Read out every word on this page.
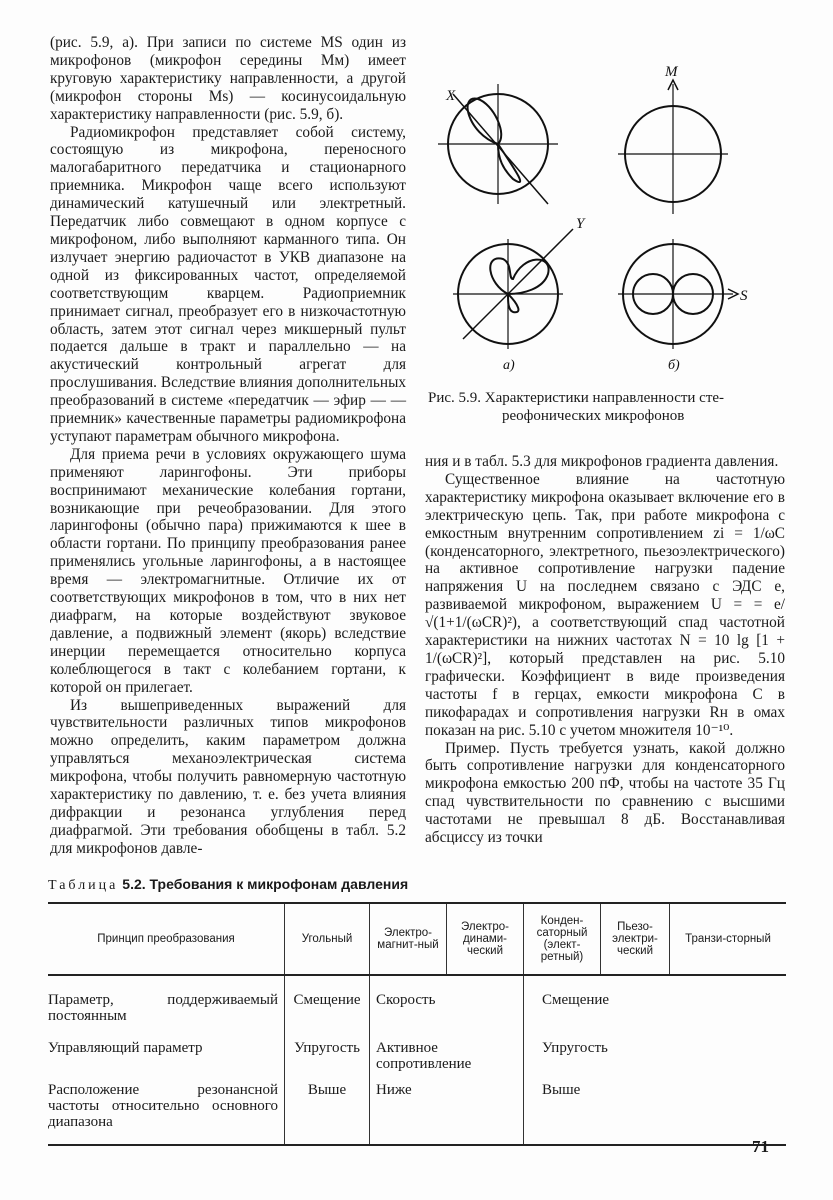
(рис. 5.9, а). При записи по системе MS один из микрофонов (микрофон середины Mм) имеет круговую характеристику направленности, а другой (микрофон стороны Ms) — косинусоидальную характеристику направленности (рис. 5.9, б).

Радиомикрофон представляет собой систему, состоящую из микрофона, переносного малогабаритного передатчика и стационарного приемника. Микрофон чаще всего используют динамический катушечный или электретный. Передатчик либо совмещают в одном корпусе с микрофоном, либо выполняют карманного типа. Он излучает энергию радиочастот в УКВ диапазоне на одной из фиксированных частот, определяемой соответствующим кварцем. Радиоприемник принимает сигнал, преобразует его в низкочастотную область, затем этот сигнал через микшерный пульт подается дальше в тракт и параллельно — на акустический контрольный агрегат для прослушивания. Вследствие влияния дополнительных преобразований в системе «передатчик — эфир — — приемник» качественные параметры радиомикрофона уступают параметрам обычного микрофона.

Для приема речи в условиях окружающего шума применяют ларингофоны. Эти приборы воспринимают механические колебания гортани, возникающие при речеобразовании. Для этого ларингофоны (обычно пара) прижимаются к шее в области гортани. По принципу преобразования ранее применялись угольные ларингофоны, а в настоящее время — электромагнитные. Отличие их от соответствующих микрофонов в том, что в них нет диафрагм, на которые воздействуют звуковое давление, а подвижный элемент (якорь) вследствие инерции перемещается относительно корпуса колеблющегося в такт с колебанием гортани, к которой он прилегает.

Из вышеприведенных выражений для чувствительности различных типов микрофонов можно определить, каким параметром должна управляться механоэлектрическая система микрофона, чтобы получить равномерную частотную характеристику по давлению, т. е. без учета влияния дифракции и резонанса углубления перед диафрагмой. Эти требования обобщены в табл. 5.2 для микрофонов давле-

X
M
Y
S
а)	б)
Рис. 5.9. Характеристики направленности сте-
реофонических микрофонов

ния и в табл. 5.3 для микрофонов градиента давления.

Существенное влияние на частотную характеристику микрофона оказывает включение его в электрическую цепь. Так, при работе микрофона с емкостным внутренним сопротивлением zi = 1/ωC (конденсаторного, электретного, пьезоэлектрического) на активное сопротивление нагрузки падение напряжения U на последнем связано с ЭДС e, развиваемой микрофоном, выражением U = = e/√(1+1/(ωCR)²), а соответствующий спад частотной характеристики на нижних частотах N = 10 lg [1 + 1/(ωCR)²], который представлен на рис. 5.10 графически. Коэффициент в виде произведения частоты f в герцах, емкости микрофона C в пикофарадах и сопротивления нагрузки Rн в омах показан на рис. 5.10 с учетом множителя 10⁻¹⁰.

Пример. Пусть требуется узнать, какой должно быть сопротивление нагрузки для конденсаторного микрофона емкостью 200 пФ, чтобы на частоте 35 Гц спад чувствительности по сравнению с высшими частотами не превышал 8 дБ. Восстанавливая абсциссу из точки

Таблица 5.2. Требования к микрофонам давления
Принцип преобразования	Угольный	Электро-магнит-ный	Электро-динами-ческий	Конден-саторный (элект-ретный)	Пьезо-электри-ческий	Транзи-сторный
Параметр, поддерживаемый постоянным	Смещение	Скорость		Смещение		
Управляющий параметр	Упругость	Активное сопротивление		Упругость		
Расположение резонансной частоты относительно основного диапазона	Выше	Ниже		Выше		
71
